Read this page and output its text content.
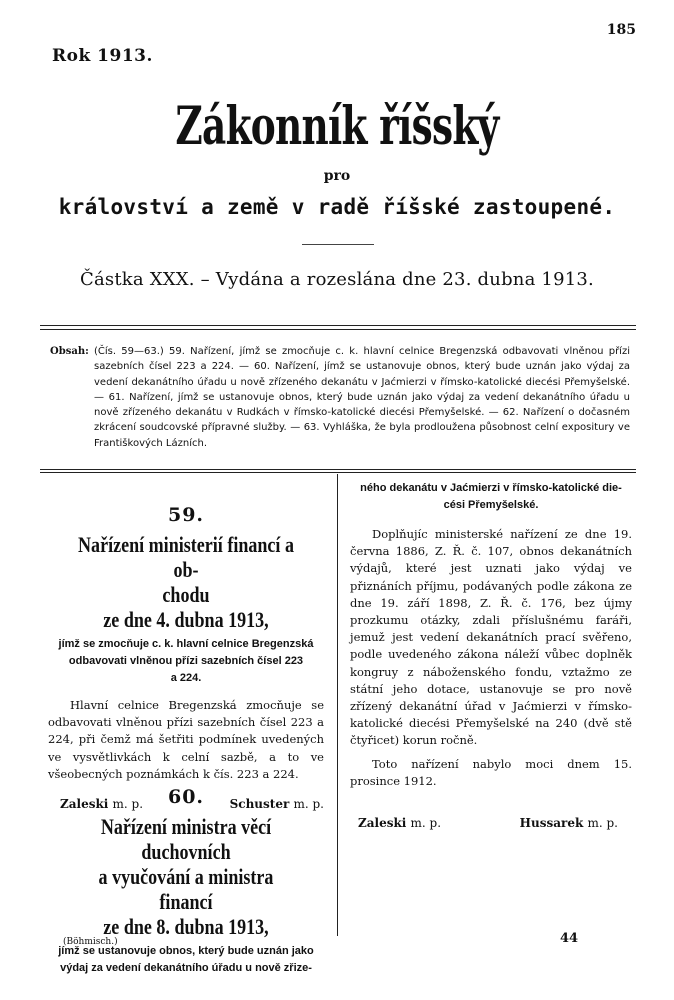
185
Rok 1913.
Zákonník říšský
pro
království a země v radě říšské zastoupené.
Částka XXX. – Vydána a rozeslána dne 23. dubna 1913.
Obsah: (Čís. 59—63.) 59. Nařízení, jímž se zmocňuje c. k. hlavní celnice Bregenzská odbavovati vlněnou přízi sazebních čísel 223 a 224. — 60. Nařízení, jímž se ustanovuje obnos, který bude uznán jako výdaj za vedení dekanátního úřadu u nově zřízeného dekanátu v Jaćmierzi v římsko-katolické diecési Přemyšelské. — 61. Nařízení, jímž se ustanovuje obnos, který bude uznán jako výdaj za vedení dekanátního úřadu u nově zřízeného dekanátu v Rudkách v římsko-katolické diecési Přemyšelské. — 62. Nařízení o dočasném zkrácení soudcovské přípravné služby. — 63. Vyhláška, že byla prodloužena působnost celní expositury ve Františkových Lázních.
59.
Nařízení ministerií financí a ob-
chodu
ze dne 4. dubna 1913,
jímž se zmocňuje c. k. hlavní celnice Bregenzská
odbavovati vlněnou přízi sazebních čísel 223
a 224.
Hlavní celnice Bregenzská zmocňuje se odbavovati vlněnou přízi sazebních čísel 223 a 224, při čemž má šetřiti podmínek uvedených ve vysvětlivkách k celní sazbě, a to ve všeobecných poznámkách k čís. 223 a 224.
Zaleski m. p.	Schuster m. p.
60.
Nařízení ministra věcí duchovních
a vyučování a ministra financí
ze dne 8. dubna 1913,
jímž se ustanovuje obnos, který bude uznán jako
výdaj za vedení dekanátního úřadu u nově zřize-
ného dekanátu v Jaćmierzi v římsko-katolické die-
cési Přemyšelské.
Doplňujíc ministerské nařízení ze dne 19. června 1886, Z. Ř. č. 107, obnos dekanátních výdajů, které jest uznati jako výdaj ve přiznáních příjmu, podávaných podle zákona ze dne 19. září 1898, Z. Ř. č. 176, bez újmy prozkumu otázky, zdali příslušnému faráři, jemuž jest vedení dekanátních prací svěřeno, podle uvedeného zákona náleží vůbec doplněk kongruy z náboženského fondu, vztažmo ze státní jeho dotace, ustanovuje se pro nově zřízený dekanátní úřad v Jaćmierzi v římsko-katolické diecési Přemyšelské na 240 (dvě stě čtyřicet) korun ročně.
Toto nařízení nabylo moci dnem 15. prosince 1912.
Zaleski m. p.	Hussarek m. p.
(Böhmisch.)	44
